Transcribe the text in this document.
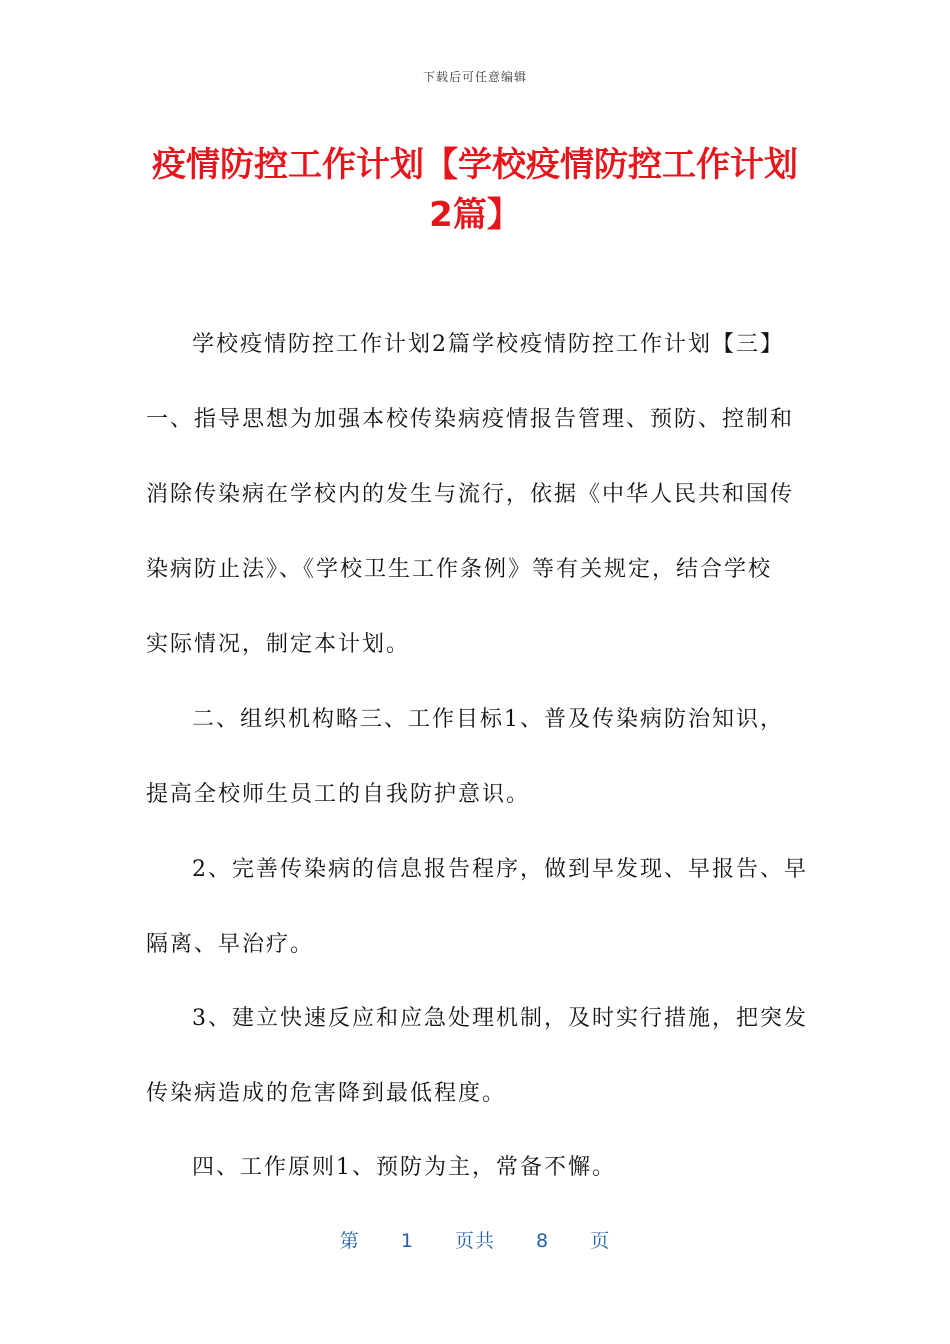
下载后可任意编辑
疫情防控工作计划【学校疫情防控工作计划
2篇】
学校疫情防控工作计划2篇学校疫情防控工作计划【三】
一、指导思想为加强本校传染病疫情报告管理、预防、控制和
消除传染病在学校内的发生与流行，依据《中华人民共和国传
染病防止法》、《学校卫生工作条例》等有关规定，结合学校
实际情况，制定本计划。
二、组织机构略三、工作目标1、普及传染病防治知识，
提高全校师生员工的自我防护意识。
2、完善传染病的信息报告程序，做到早发现、早报告、早
隔离、早治疗。
3、建立快速反应和应急处理机制，及时实行措施，把突发
传染病造成的危害降到最低程度。
四、工作原则1、预防为主，常备不懈。
第 1 页共 8 页
